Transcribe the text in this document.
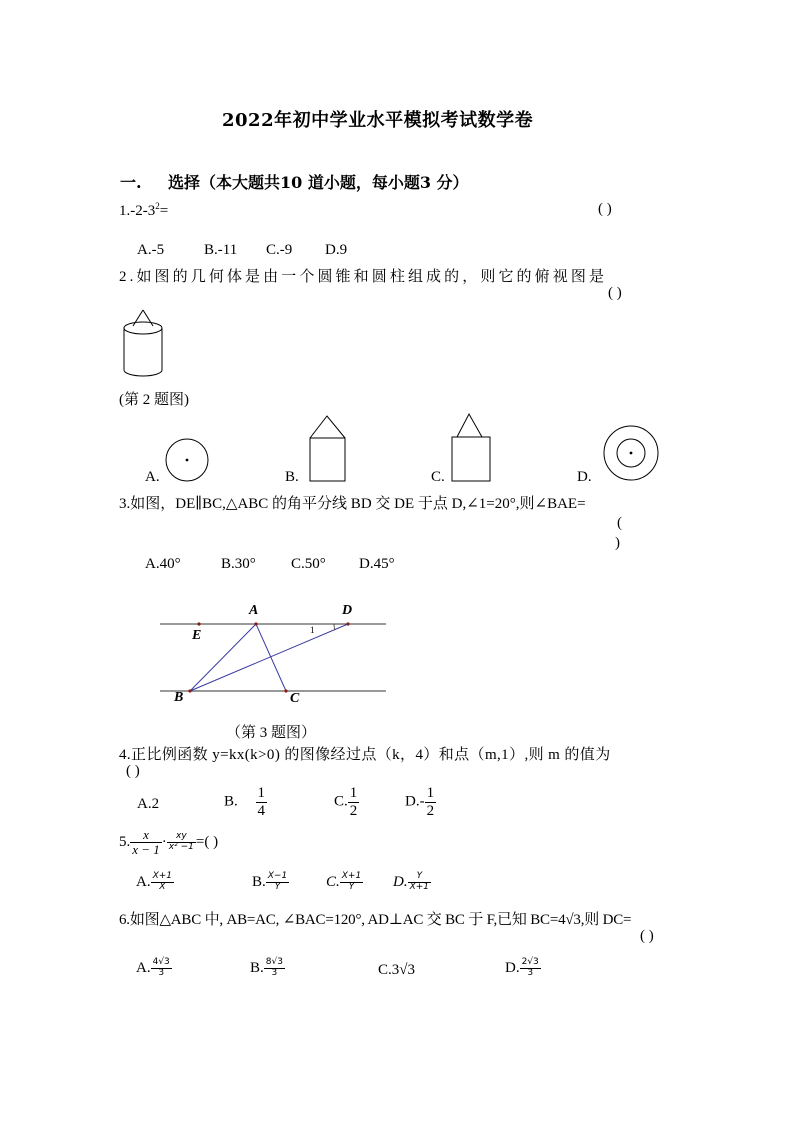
2022年初中学业水平模拟考试数学卷
一. 选择（本大题共10 道小题，每小题3 分）
$1.-2-3^2=$	( )
A.-5	B.-11 C.-9 D.9
2.如图的几何体是由一个圆锥和圆柱组成的，则它的俯视图是
( )
(第 2 题图)
A.	B.	C.	D.
3.如图，DE∥BC,△ABC 的角平分线 BD 交 DE 于点 D,∠1=20°,则∠BAE=
(
)
A.40°	B.30° C.50° D.45°
A	D
E
B	C
1
（第 3 题图）
4.正比例函数 y=kx(k>0) 的图像经过点（k，4）和点（m,1）,则 m 的值为
( )
A.2	B. $\frac{1}{4}$	C. $\frac{1}{2}$	$D.- \frac{1}{2}$
5. $\frac{x}{x - 1} \cdot \frac{xy}{\text{x² −1}}$ =( )
A. $\frac{X+1}{X}$	B. $\frac{X-1}{Y} C$. $\frac{X+1}{Y} D$. $\frac{Y}{X+1}$
6.如图△ABC 中, AB=AC, ∠BAC=120°, AD⊥AC 交 BC 于 F,已知 BC=4√3,则 DC=
( )
A. $\frac{4√3}{3}$	B. $\frac{8√3}{3}$	C.3√3	D. $\frac{2√3}{3}$
